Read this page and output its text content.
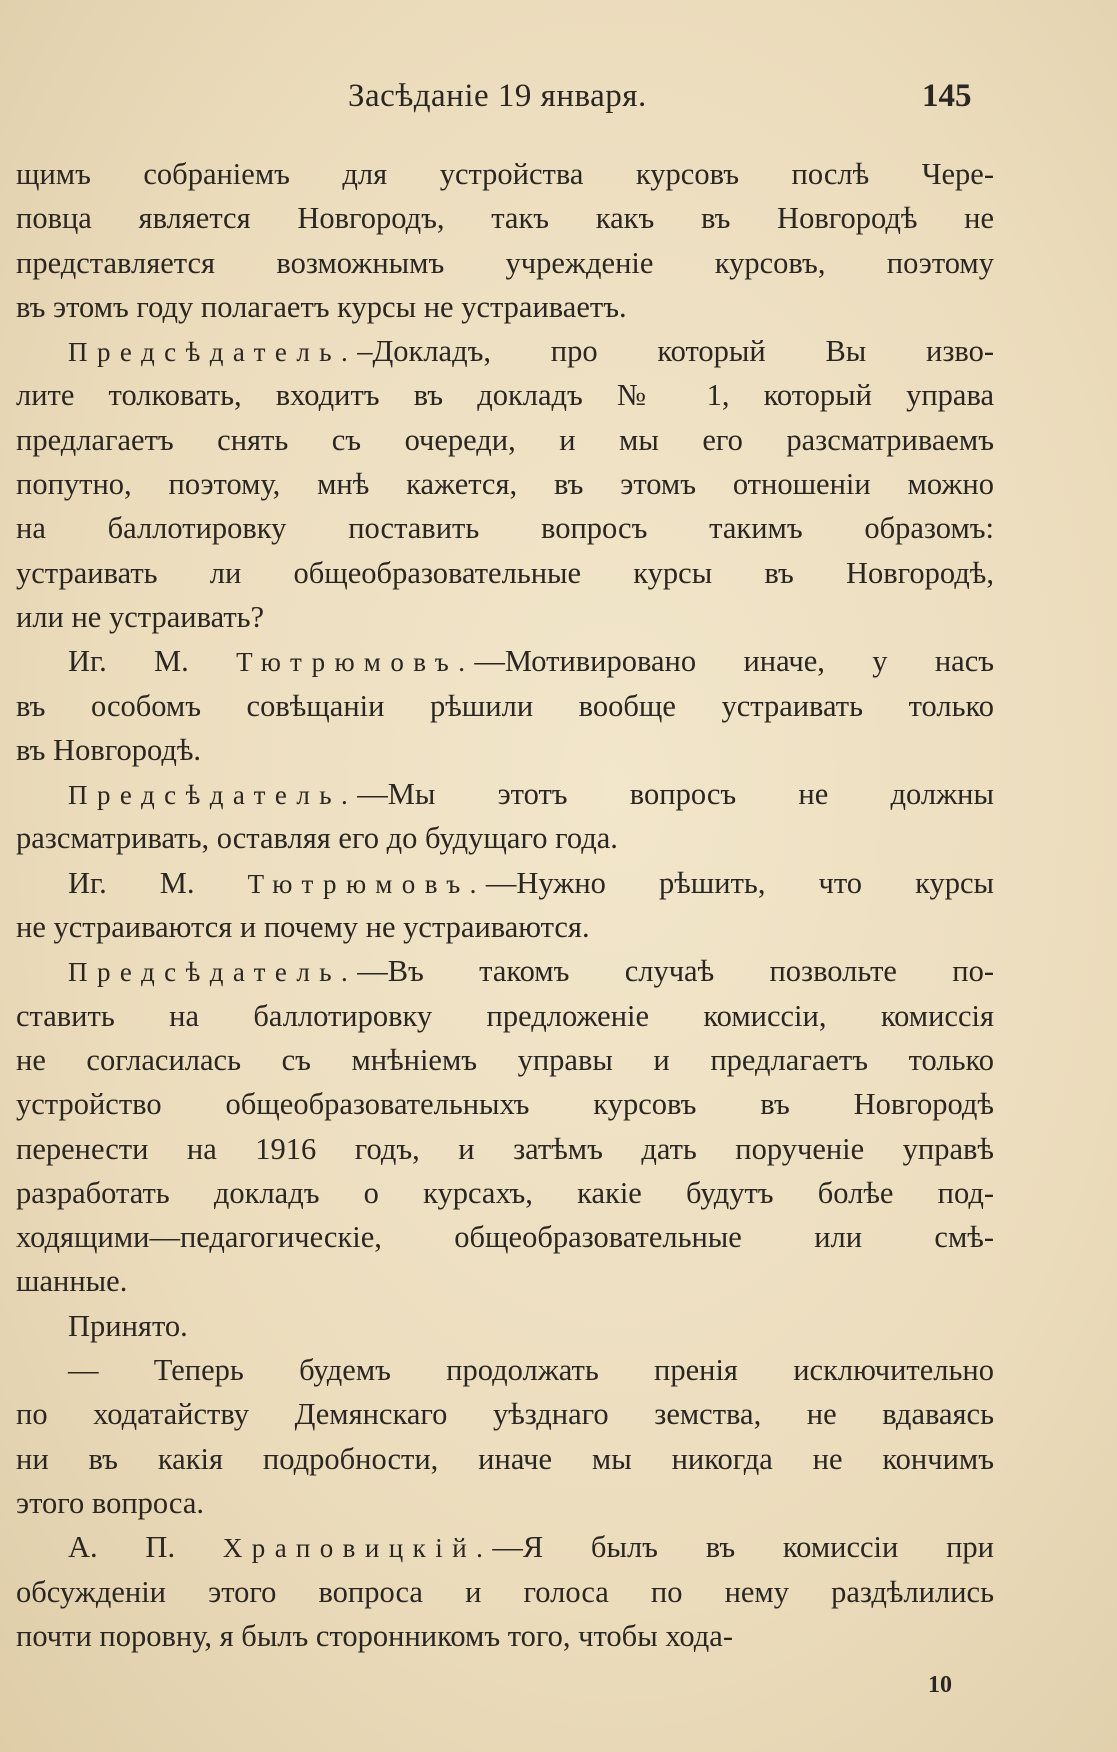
Засѣданіе 19 января.	145
щимъ собраніемъ для устройства курсовъ послѣ Чере-
повца является Новгородъ, такъ какъ въ Новгородѣ не
представляется возможнымъ учрежденіе курсовъ, поэтому
въ этомъ году полагаетъ курсы не устраиваетъ.
Предсѣдатель.–Докладъ, про который Вы изво-
лите толковать, входитъ въ докладъ № 1, который управа
предлагаетъ снять съ очереди, и мы его разсматриваемъ
попутно, поэтому, мнѣ кажется, въ этомъ отношеніи можно
на баллотировку поставить вопросъ такимъ образомъ:
устраивать ли общеобразовательные курсы въ Новгородѣ,
или не устраивать?
Иг. М. Тютрюмовъ.—Мотивировано иначе, у насъ
въ особомъ совѣщаніи рѣшили вообще устраивать только
въ Новгородѣ.
Предсѣдатель.—Мы этотъ вопросъ не должны
разсматривать, оставляя его до будущаго года.
Иг. М. Тютрюмовъ.—Нужно рѣшить, что курсы
не устраиваются и почему не устраиваются.
Предсѣдатель.—Въ такомъ случаѣ позвольте по-
ставить на баллотировку предложеніе комиссіи, комиссія
не согласилась съ мнѣніемъ управы и предлагаетъ только
устройство общеобразовательныхъ курсовъ въ Новгородѣ
перенести на 1916 годъ, и затѣмъ дать порученіе управѣ
разработать докладъ о курсахъ, какіе будутъ болѣе под-
ходящими—педагогическіе, общеобразовательные или смѣ-
шанные.
Принято.
— Теперь будемъ продолжать пренія исключительно
по ходатайству Демянскаго уѣзднаго земства, не вдаваясь
ни въ какія подробности, иначе мы никогда не кончимъ
этого вопроса.
А. П. Храповицкій.—Я былъ въ комиссіи при
обсужденіи этого вопроса и голоса по нему раздѣлились
почти поровну, я былъ сторонникомъ того, чтобы хода-
10
